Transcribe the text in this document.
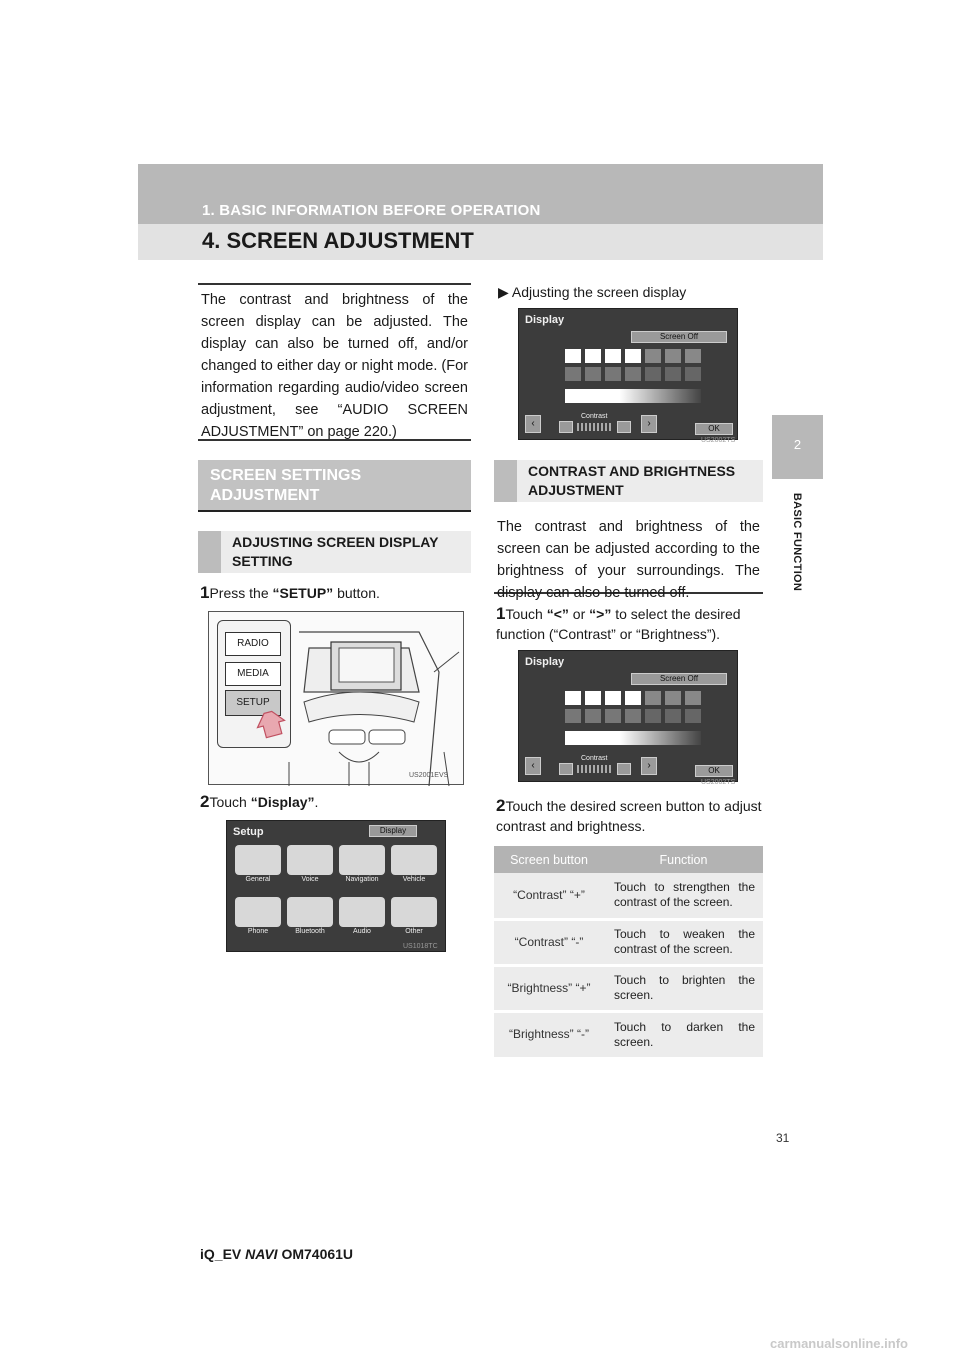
1. BASIC INFORMATION BEFORE OPERATION
4. SCREEN ADJUSTMENT
2
BASIC FUNCTION
The contrast and brightness of the screen display can be adjusted. The display can also be turned off, and/or changed to either day or night mode. (For information regarding audio/video screen adjustment, see “AUDIO SCREEN ADJUSTMENT” on page 220.)
SCREEN SETTINGS ADJUSTMENT
ADJUSTING SCREEN DISPLAY SETTING
1Press the “SETUP” button.
RADIO
MEDIA
SETUP
US2001EVS
2Touch “Display”.
Setup	Display
General	Voice	Navigation	Vehicle
Phone	Bluetooth	Audio	Other
US1018TC
▶ Adjusting the screen display
Display
Screen Off
‹
Contrast
›	OK
US2002TS
CONTRAST AND BRIGHTNESS ADJUSTMENT
The contrast and brightness of the screen can be adjusted according to the brightness of your surroundings. The display can also be turned off.
1Touch “<” or “>” to select the desired function (“Contrast” or “Brightness”).
Display
Screen Off
‹
Contrast
›	OK
US2002TS
2Touch the desired screen button to adjust contrast and brightness.
Screen button	Function
“Contrast” “+”	Touch to strengthen the contrast of the screen.
“Contrast” “-”	Touch to weaken the contrast of the screen.
“Brightness” “+”	Touch to brighten the screen.
“Brightness” “-”	Touch to darken the screen.
31
iQ_EV NAVI OM74061U
carmanualsonline.info
